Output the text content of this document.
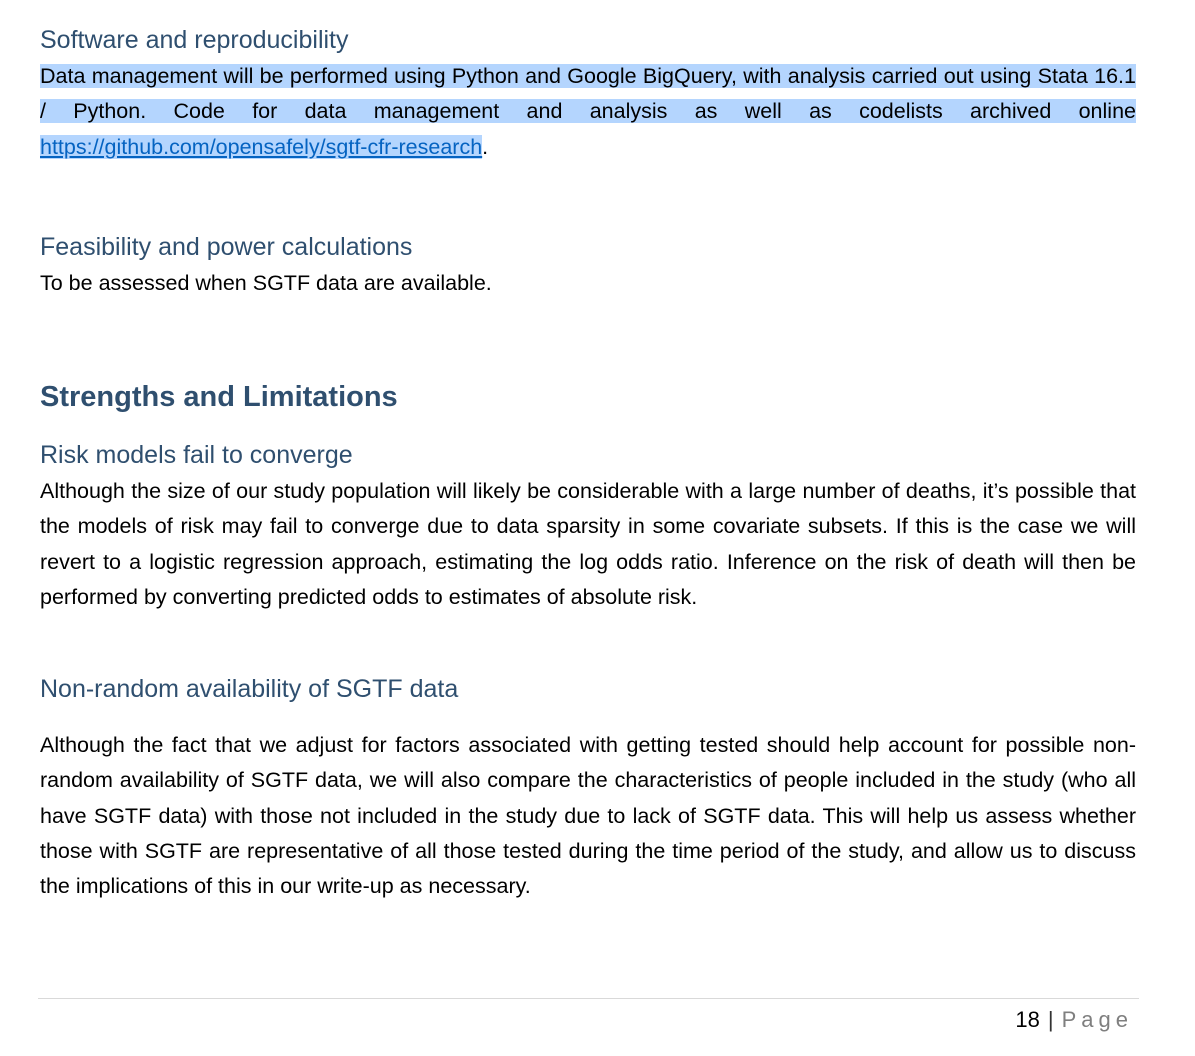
Software and reproducibility

Data management will be performed using Python and Google BigQuery, with analysis carried out using Stata 16.1 / Python. Code for data management and analysis as well as codelists archived online https://github.com/opensafely/sgtf-cfr-research.

Feasibility and power calculations

To be assessed when SGTF data are available.

Strengths and Limitations
Risk models fail to converge

Although the size of our study population will likely be considerable with a large number of deaths, it’s possible that the models of risk may fail to converge due to data sparsity in some covariate subsets. If this is the case we will revert to a logistic regression approach, estimating the log odds ratio. Inference on the risk of death will then be performed by converting predicted odds to estimates of absolute risk.

Non-random availability of SGTF data

Although the fact that we adjust for factors associated with getting tested should help account for possible non-random availability of SGTF data, we will also compare the characteristics of people included in the study (who all have SGTF data) with those not included in the study due to lack of SGTF data. This will help us assess whether those with SGTF are representative of all those tested during the time period of the study, and allow us to discuss the implications of this in our write-up as necessary.

18 | Page
